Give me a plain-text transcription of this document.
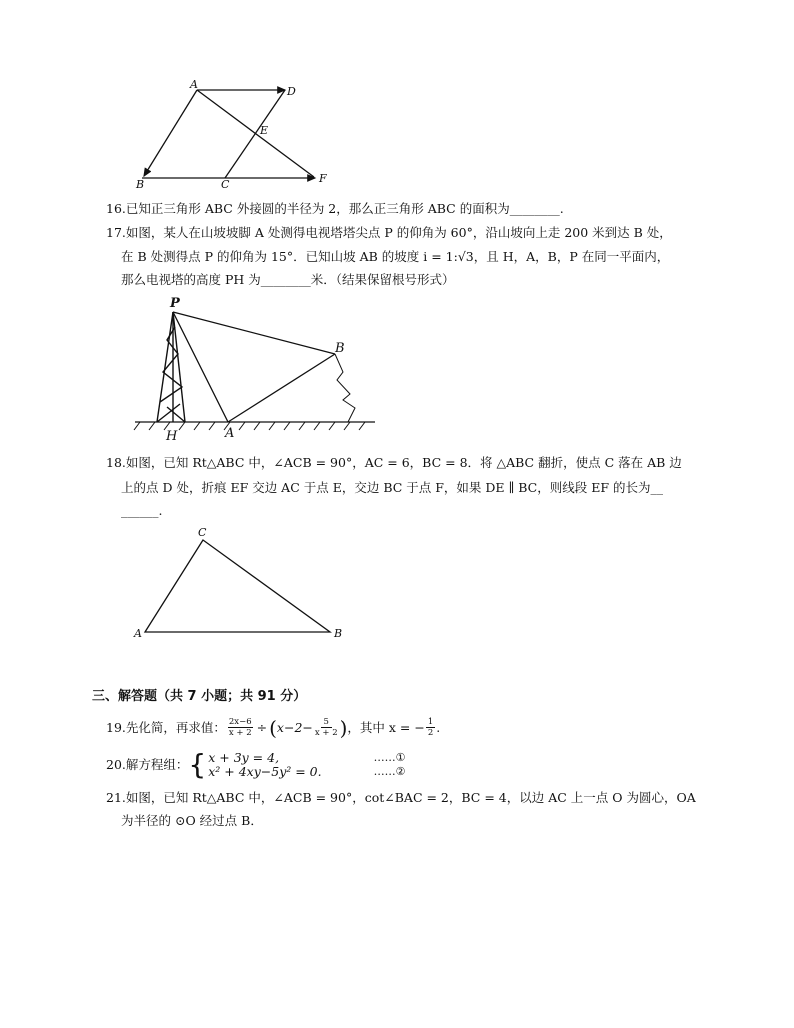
A
D
E
B	C	F
16.已知正三角形 ABC 外接圆的半径为 2，那么正三角形 ABC 的面积为________.
17.如图，某人在山坡坡脚 A 处测得电视塔塔尖点 P 的仰角为 60°，沿山坡向上走 200 米到达 B 处，
在 B 处测得点 P 的仰角为 15°．已知山坡 AB 的坡度 i = 1:√3，且 H，A，B，P 在同一平面内，
那么电视塔的高度 PH 为________米．（结果保留根号形式）
P
B
H	A
18.如图，已知 Rt△ABC 中，∠ACB = 90°，AC = 6，BC = 8．将 △ABC 翻折，使点 C 落在 AB 边
上的点 D 处，折痕 EF 交边 AC 于点 E，交边 BC 于点 F，如果 DE ∥ BC，则线段 EF 的长为__
______.
C
A	B
三、解答题（共 7 小题；共 91 分）
19.先化简，再求值： $\frac{2x-6}{x + 2}$ ÷ ( $x-2- \frac{5}{x + 2}$ ) ，其中 x = − $\frac{1}{2}$ .
20.解方程组： { x + 3y = 4,
x² + 4xy−5y² = 0.
……①
……②
21.如图，已知 Rt△ABC 中，∠ACB = 90°，cot∠BAC = 2，BC = 4，以边 AC 上一点 O 为圆心，OA
为半径的 ⊙O 经过点 B．
